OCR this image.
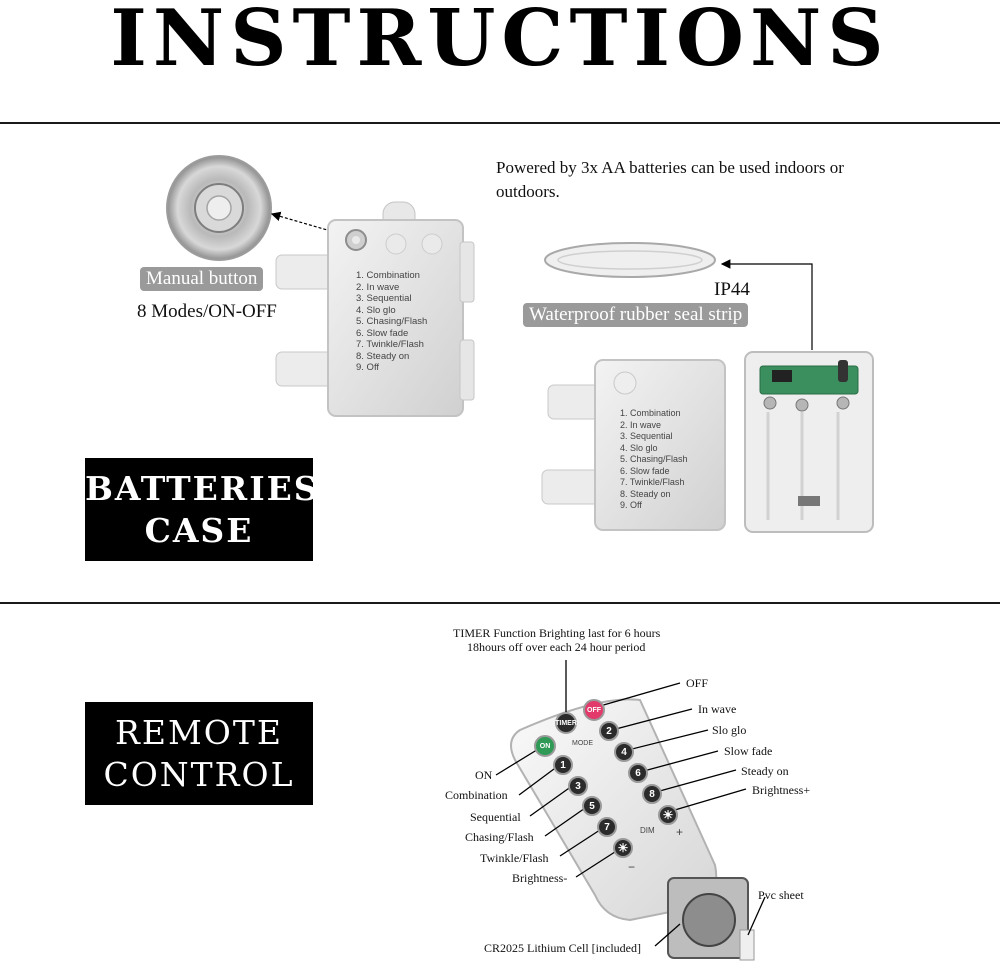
INSTRUCTIONS
BATTERIES
CASE
Powered by 3x AA batteries can be used indoors or
outdoors.
Manual button
8 Modes/ON-OFF
IP44
Waterproof rubber seal strip
1. Combination
2. In wave
3. Sequential
4. Slo glo
5. Chasing/Flash
6. Slow fade
7. Twinkle/Flash
8. Steady on
9. Off
1. Combination
2. In wave
3. Sequential
4. Slo glo
5. Chasing/Flash
6. Slow fade
7. Twinkle/Flash
8. Steady on
9. Off
REMOTE
CONTROL
TIMER Function Brighting last for 6 hours
18hours off over each 24 hour period
OFF
In wave
Slo glo
Slow fade
Steady on
Brightness+
ON
Combination
Sequential
Chasing/Flash
Twinkle/Flash
Brightness-
Pvc sheet
CR2025 Lithium Cell [included]
TIMER
OFF
ON	MODE
1
2
3
4
5
6
7
8
☀
☀
DIM +
−
